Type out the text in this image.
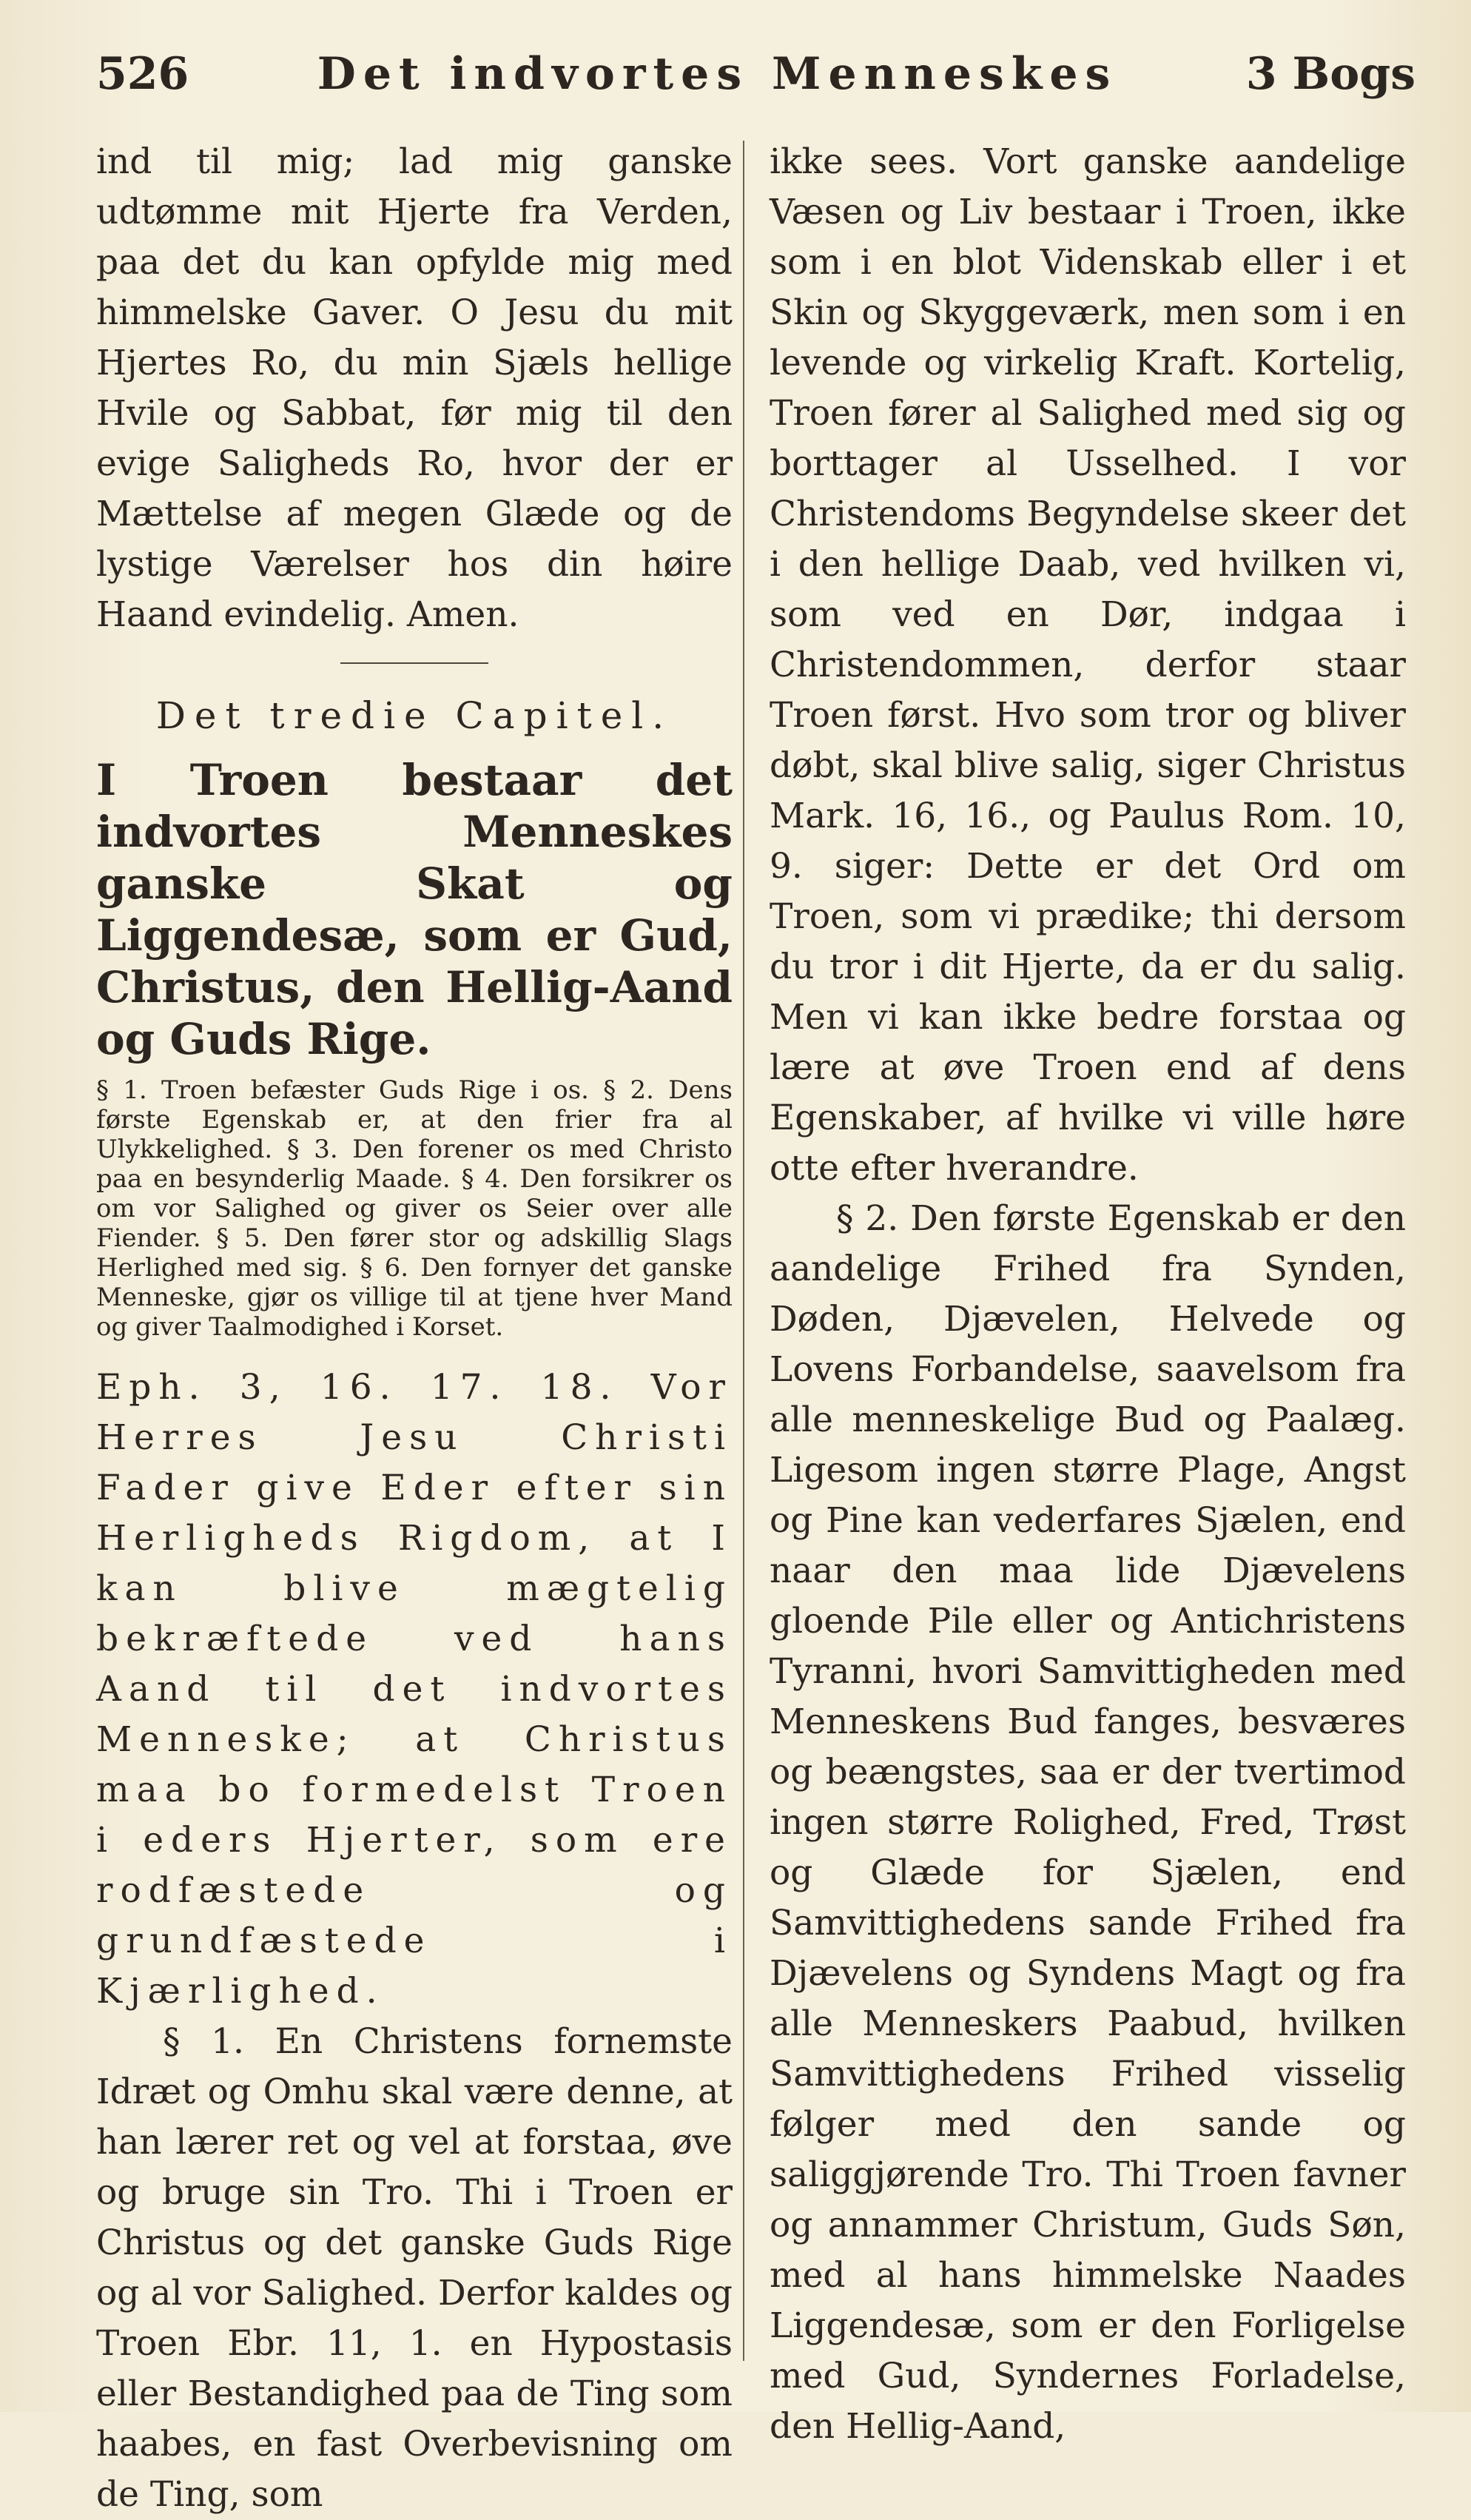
526	Det indvortes Menneskes	3 Bogs

ind til mig; lad mig ganske udtømme mit Hjerte fra Verden, paa det du kan opfylde mig med himmelske Gaver. O Jesu du mit Hjertes Ro, du min Sjæls hellige Hvile og Sabbat, før mig til den evige Saligheds Ro, hvor der er Mættelse af megen Glæde og de lystige Værelser hos din høire Haand evindelig. Amen.

Det tredie Capitel.

I Troen bestaar det indvortes Menneskes ganske Skat og Liggendesæ, som er Gud, Christus, den Hellig-Aand og Guds Rige.

§ 1. Troen befæster Guds Rige i os. § 2. Dens første Egenskab er, at den frier fra al Ulykkelighed. § 3. Den forener os med Christo paa en besynderlig Maade. § 4. Den forsikrer os om vor Salighed og giver os Seier over alle Fiender. § 5. Den fører stor og adskillig Slags Herlighed med sig. § 6. Den fornyer det ganske Menneske, gjør os villige til at tjene hver Mand og giver Taalmodighed i Korset.

Eph. 3, 16. 17. 18. Vor Herres Jesu Christi Fader give Eder efter sin Herligheds Rigdom, at I kan blive mægtelig bekræftede ved hans Aand til det indvortes Menneske; at Christus maa bo formedelst Troen i eders Hjerter, som ere rodfæstede og grundfæstede i Kjærlighed.

§ 1. En Christens fornemste Idræt og Omhu skal være denne, at han lærer ret og vel at forstaa, øve og bruge sin Tro. Thi i Troen er Christus og det ganske Guds Rige og al vor Salighed. Derfor kaldes og Troen Ebr. 11, 1. en Hypostasis eller Bestandighed paa de Ting som haabes, en fast Overbevisning om de Ting, som

ikke sees. Vort ganske aandelige Væsen og Liv bestaar i Troen, ikke som i en blot Videnskab eller i et Skin og Skyggeværk, men som i en levende og virkelig Kraft. Kortelig, Troen fører al Salighed med sig og borttager al Usselhed. I vor Christendoms Begyndelse skeer det i den hellige Daab, ved hvilken vi, som ved en Dør, indgaa i Christendommen, derfor staar Troen først. Hvo som tror og bliver døbt, skal blive salig, siger Christus Mark. 16, 16., og Paulus Rom. 10, 9. siger: Dette er det Ord om Troen, som vi prædike; thi dersom du tror i dit Hjerte, da er du salig. Men vi kan ikke bedre forstaa og lære at øve Troen end af dens Egenskaber, af hvilke vi ville høre otte efter hverandre.

§ 2. Den første Egenskab er den aandelige Frihed fra Synden, Døden, Djævelen, Helvede og Lovens Forbandelse, saavelsom fra alle menneskelige Bud og Paalæg. Ligesom ingen større Plage, Angst og Pine kan vederfares Sjælen, end naar den maa lide Djævelens gloende Pile eller og Antichristens Tyranni, hvori Samvittigheden med Menneskens Bud fanges, besværes og beængstes, saa er der tvertimod ingen større Rolighed, Fred, Trøst og Glæde for Sjælen, end Samvittighedens sande Frihed fra Djævelens og Syndens Magt og fra alle Menneskers Paabud, hvilken Samvittighedens Frihed visselig følger med den sande og saliggjørende Tro. Thi Troen favner og annammer Christum, Guds Søn, med al hans himmelske Naades Liggendesæ, som er den Forligelse med Gud, Syndernes Forladelse, den Hellig-Aand,
